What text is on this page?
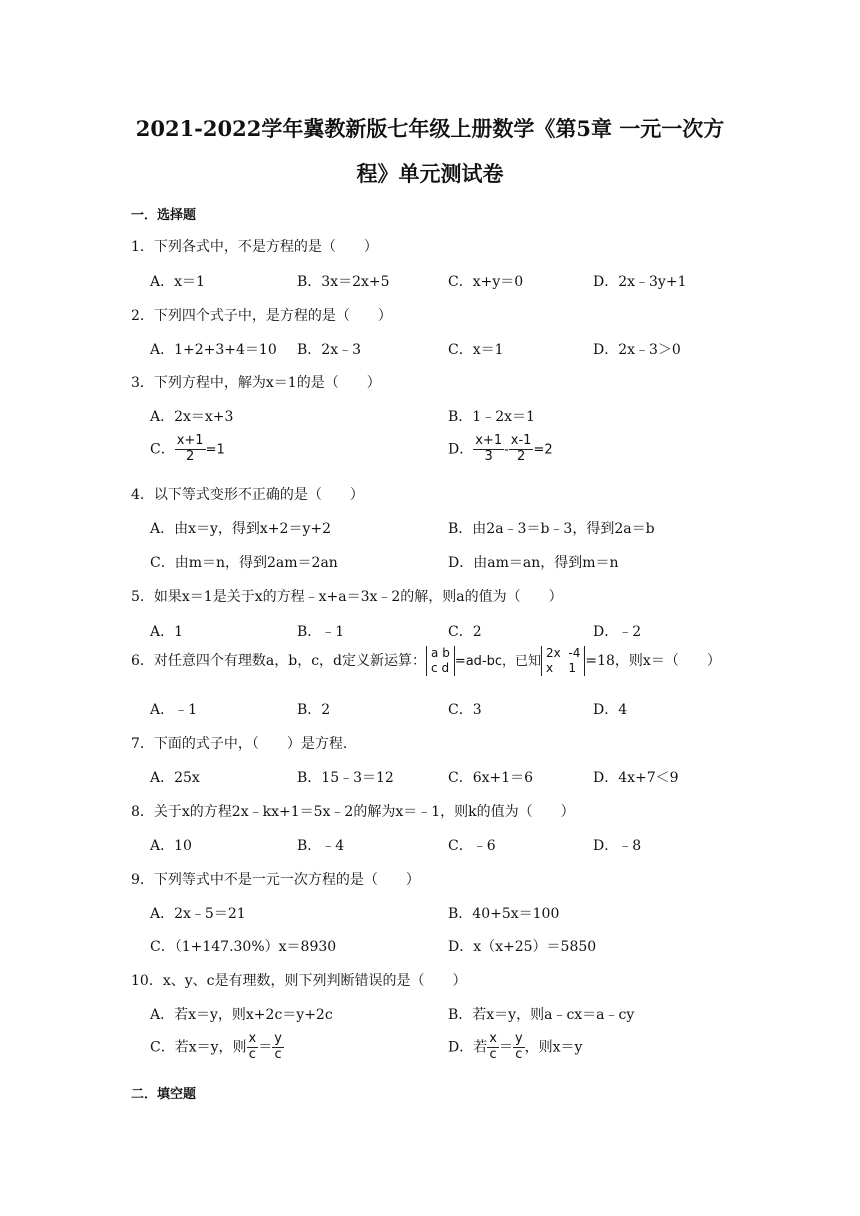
2021-2022学年冀教新版七年级上册数学《第5章 一元一次方
程》单元测试卷
一．选择题
1．下列各式中，不是方程的是（　　）
A．x＝1	B．3x＝2x+5	C．x+y＝0	D．2x﹣3y+1
2．下列四个式子中，是方程的是（　　）
A．1+2+3+4＝10 B．2x﹣3	C．x＝1	D．2x﹣3＞0
3．下列方程中，解为x＝1的是（　　）
A．2x＝x+3	B．1﹣2x＝1
C． $\frac{x+1}{2} =1$	D． $\frac{x+1}{3} - \frac{x-1}{2} =2$
4．以下等式变形不正确的是（　　）
A．由x＝y，得到x+2＝y+2	B．由2a﹣3＝b﹣3，得到2a＝b
C．由m＝n，得到2am＝2an	D．由am＝an，得到m＝n
5．如果x＝1是关于x的方程﹣x+a＝3x﹣2的解，则a的值为（　　）
A．1	B．﹣1	C．2	D．﹣2
6．对任意四个有理数a，b，c，d定义新运算： a b
c d =ad-bc，已知
2x  -4
x    1 =18，则x＝（　　）
A．﹣1	B．2	C．3	D．4
7．下面的式子中，（　　）是方程．
A．25x	B．15﹣3＝12	C．6x+1＝6	D．4x+7＜9
8．关于x的方程2x﹣kx+1＝5x﹣2的解为x＝﹣1，则k的值为（　　）
A．10	B．﹣4	C．﹣6	D．﹣8
9．下列等式中不是一元一次方程的是（　　）
A．2x﹣5＝21	B．40+5x＝100
C．（1+147.30%）x＝8930	D．x（x+25）＝5850
10．x、y、c是有理数，则下列判断错误的是（　　）
A．若x＝y，则x+2c＝y+2c	B．若x＝y，则a﹣cx＝a﹣cy
C．若x＝y，则 $\frac{x}{c} = \frac{y}{c}$	D．若 $\frac{x}{c} = \frac{y}{c}$ ，则x＝y
二．填空题
